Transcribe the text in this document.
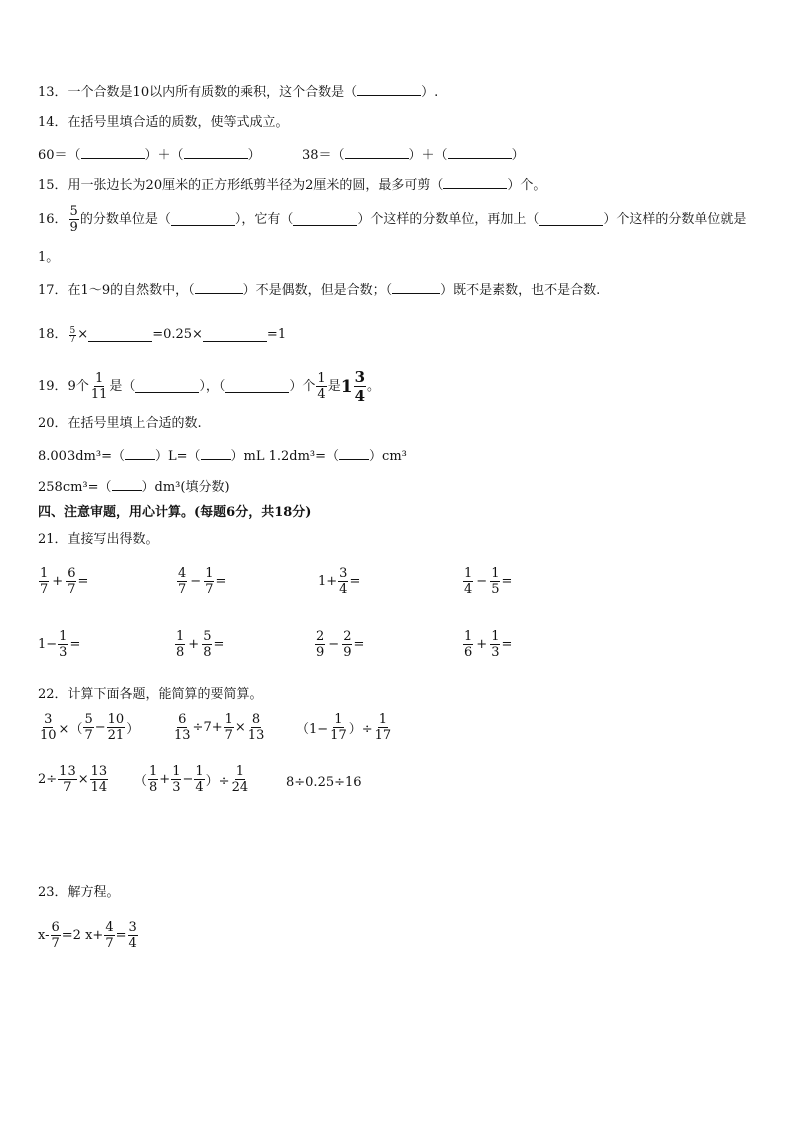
13．一个合数是10以内所有质数的乘积，这个合数是（	）.
14．在括号里填合适的质数，使等式成立。
60＝（	）＋（	）	38＝（	）＋（	）
15．用一张边长为20厘米的正方形纸剪半径为2厘米的圆，最多可剪（	）个。
16． $\frac{5}{9}$ 的分数单位是（	），它有（	）个这样的分数单位，再加上（	）个这样的分数单位就是
1。
17．在1～9的自然数中，（	）不是偶数，但是合数；（	）既不是素数，也不是合数.
18． $\frac{5}{7}$ ×	=0.25×	=1
19．9个 $\frac{1}{11}$ 是（	），（	）个 $\frac{1}{4}$ 是 $1 \frac{3}{4}$ 。
20．在括号里填上合适的数.
8.003dm³=（ ）L=（ ）mL 1.2dm³=（ ）cm³
258cm³=（ ）dm³(填分数)
四、注意审题，用心计算。(每题6分，共18分)
21．直接写出得数。
$\frac{1}{7} + \frac{6}{7}$ =	$\frac{4}{7} - \frac{1}{7}$ =	$1+ \frac{3}{4}$ =	$\frac{1}{4} - \frac{1}{5}$ =
$1- \frac{1}{3}$ =	$\frac{1}{8} + \frac{5}{8}$ =	$\frac{2}{9} - \frac{2}{9}$ =	$\frac{1}{6} + \frac{1}{3}$ =
22．计算下面各题，能简算的要简算。
$\frac{3}{10}$ ×（ $\frac{5}{7} - \frac{10}{21}$ ）	$\frac{6}{13} \div 7+ \frac{1}{7} \times \frac{8}{13} (1- \frac{1}{17}$ ）÷ $\frac{1}{17}$
$2\div \frac{13}{7} \times \frac{13}{14}$ （ $\frac{1}{8} + \frac{1}{3} - \frac{1}{4}$ ）÷ $\frac{1}{24}$	8÷0.25÷16
23．解方程。
$x- \frac{6}{7} =2$ $x+ \frac{4}{7} = \frac{3}{4}$
